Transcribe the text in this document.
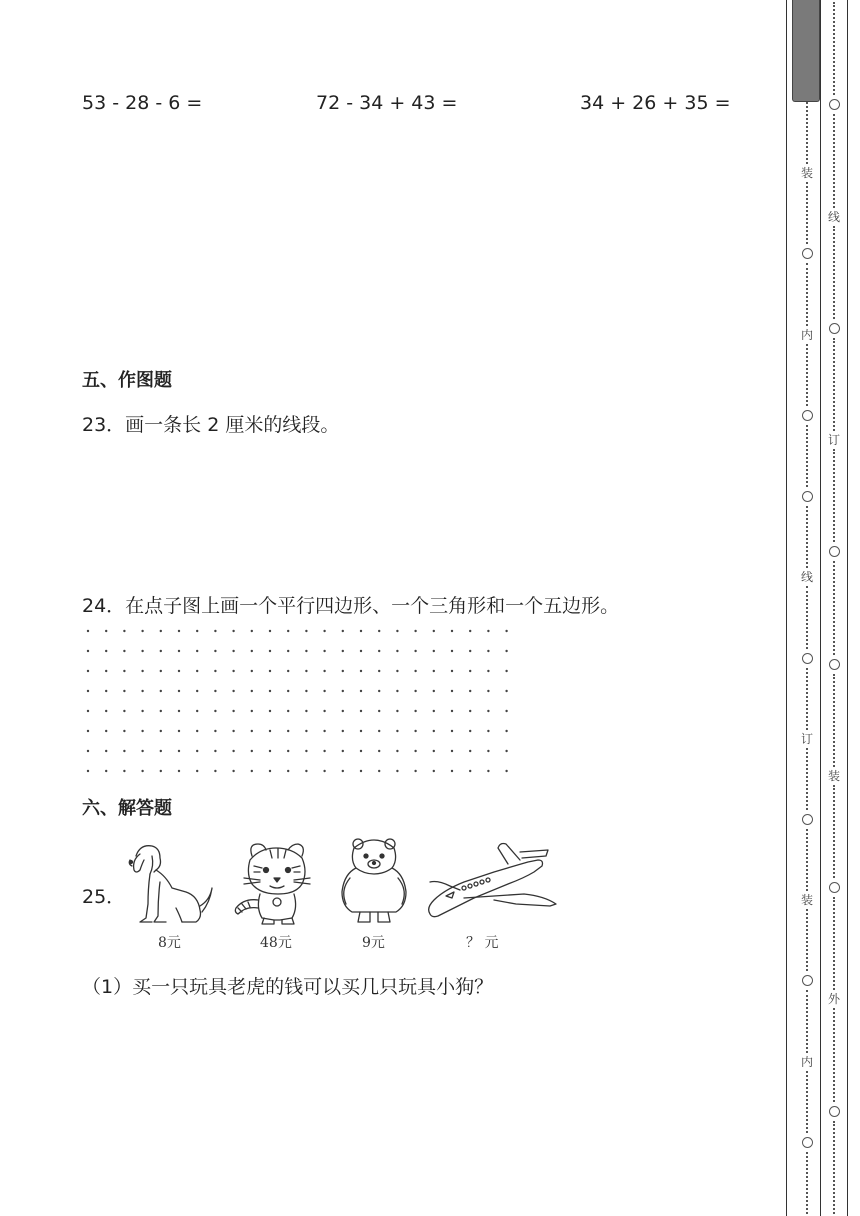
53 - 28 - 6 =	72 - 34 + 43 =	34 + 26 + 35 =
五、作图题
23．画一条长 2 厘米的线段。
24．在点子图上画一个平行四边形、一个三角形和一个五边形。
六、解答题
25．
8元	48元	9元	？ 元
（1）买一只玩具老虎的钱可以买几只玩具小狗？
装
内
线
订
装
内
线
订
装
外
